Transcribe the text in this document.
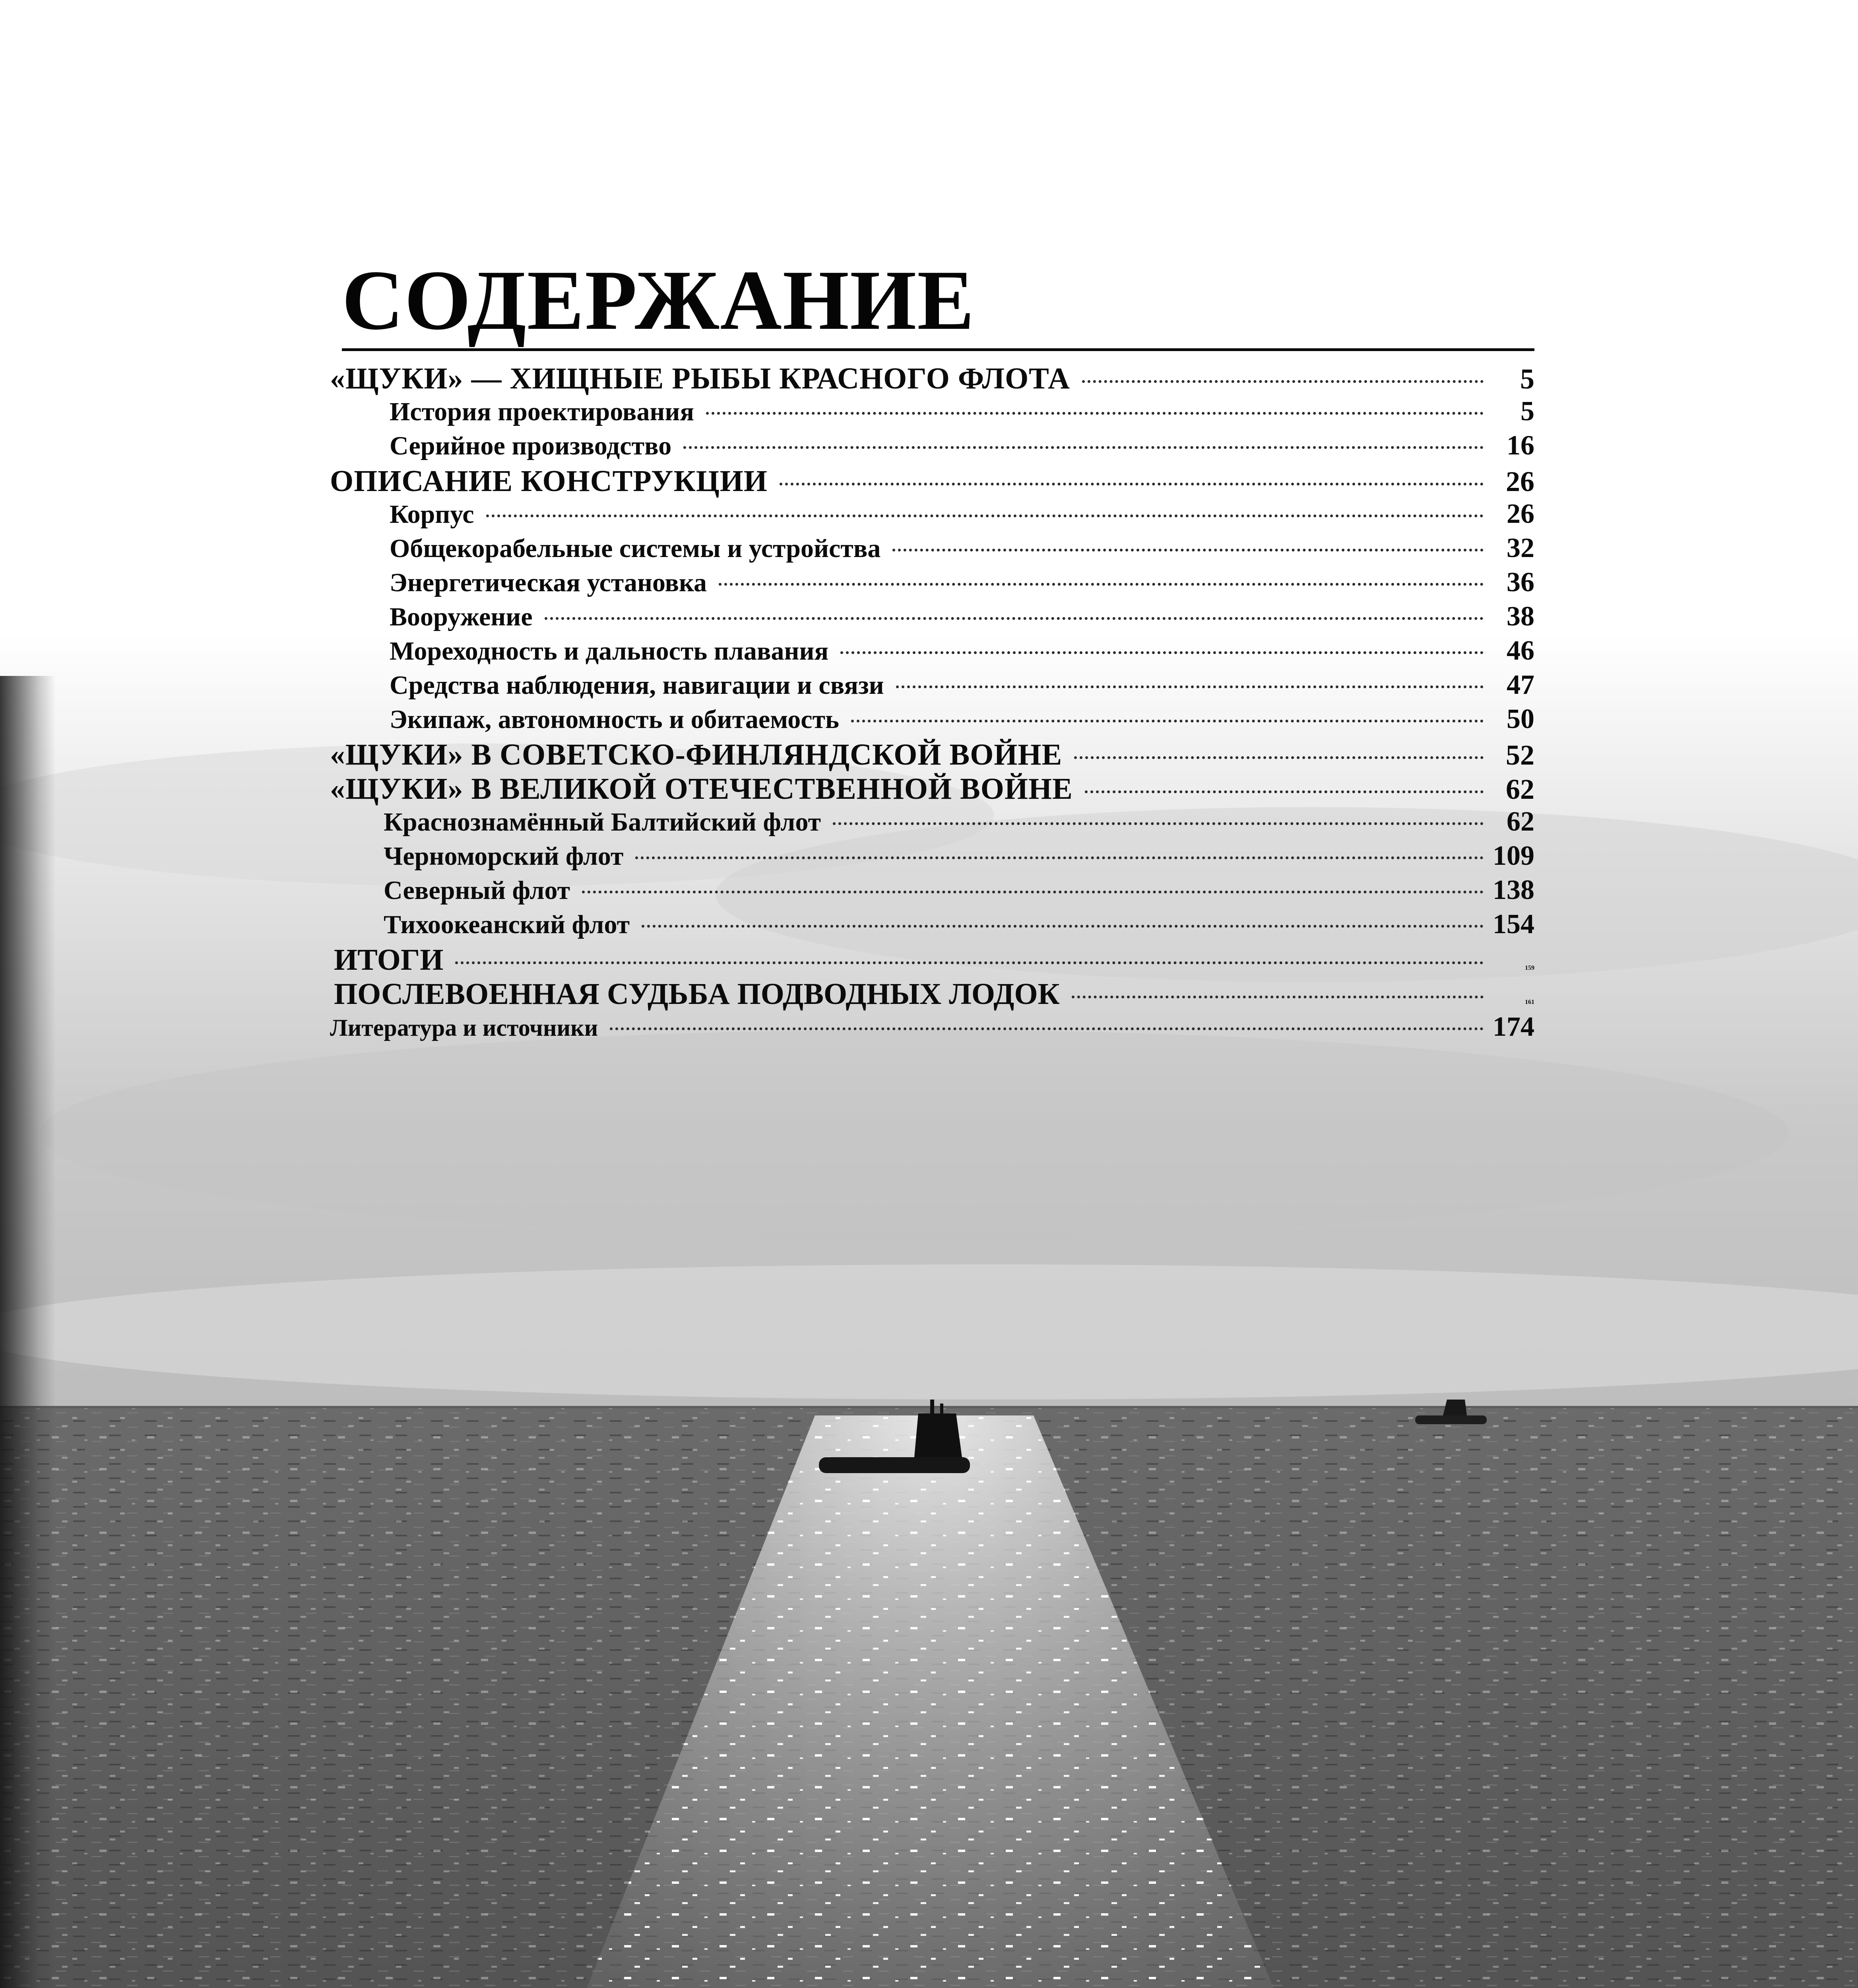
СОДЕРЖАНИЕ
«ЩУКИ» — ХИЩНЫЕ РЫБЫ КРАСНОГО ФЛОТА	5
История проектирования	5
Серийное производство	16
ОПИСАНИЕ КОНСТРУКЦИИ	26
Корпус	26
Общекорабельные системы и устройства	32
Энергетическая установка	36
Вооружение	38
Мореходность и дальность плавания	46
Средства наблюдения, навигации и связи	47
Экипаж, автономность и обитаемость	50
«ЩУКИ» В СОВЕТСКО-ФИНЛЯНДСКОЙ ВОЙНЕ	52
«ЩУКИ» В ВЕЛИКОЙ ОТЕЧЕСТВЕННОЙ ВОЙНЕ	62
Краснознамённый Балтийский флот	62
Черноморский флот	109
Северный флот	138
Тихоокеанский флот	154
ИТОГИ	159
ПОСЛЕВОЕННАЯ СУДЬБА ПОДВОДНЫХ ЛОДОК	161
Литература и источники	174
